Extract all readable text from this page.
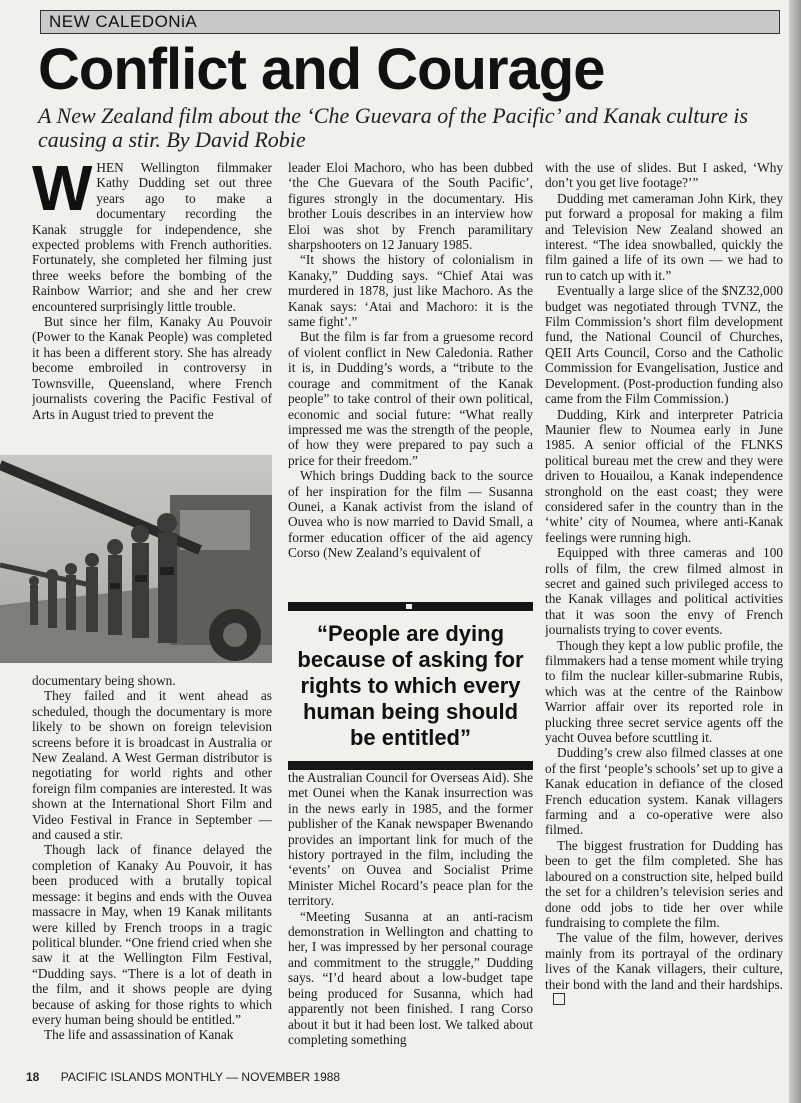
NEW CALEDONiA
Conflict and Courage

A New Zealand film about the ‘Che Guevara of the Pacific’ and Kanak culture is causing a stir. By David Robie

WHEN Wellington filmmaker Kathy Dudding set out three years ago to make a documentary recording the Kanak struggle for independence, she expected problems with French authorities. Fortunately, she completed her filming just three weeks before the bombing of the Rainbow Warrior; and she and her crew encountered surprisingly little trouble.

But since her film, Kanaky Au Pouvoir (Power to the Kanak People) was completed it has been a different story. She has already become embroiled in controversy in Townsville, Queensland, where French journalists covering the Pacific Festival of Arts in August tried to prevent the

documentary being shown.

They failed and it went ahead as scheduled, though the documentary is more likely to be shown on foreign television screens before it is broadcast in Australia or New Zealand. A West German distributor is negotiating for world rights and other foreign film companies are interested. It was shown at the International Short Film and Video Festival in France in September — and caused a stir.

Though lack of finance delayed the completion of Kanaky Au Pouvoir, it has been produced with a brutally topical message: it begins and ends with the Ouvea massacre in May, when 19 Kanak militants were killed by French troops in a tragic political blunder. “One friend cried when she saw it at the Wellington Film Festival, “Dudding says. “There is a lot of death in the film, and it shows people are dying because of asking for those rights to which every human being should be entitled.”

The life and assassination of Kanak

leader Eloi Machoro, who has been dubbed ‘the Che Guevara of the South Pacific’, figures strongly in the documentary. His brother Louis describes in an interview how Eloi was shot by French paramilitary sharpshooters on 12 January 1985.

“It shows the history of colonialism in Kanaky,” Dudding says. “Chief Atai was murdered in 1878, just like Machoro. As the Kanak says: ‘Atai and Machoro: it is the same fight’.”

But the film is far from a gruesome record of violent conflict in New Caledonia. Rather it is, in Dudding’s words, a “tribute to the courage and commitment of the Kanak people” to take control of their own political, economic and social future: “What really impressed me was the strength of the people, of how they were prepared to pay such a price for their freedom.”

Which brings Dudding back to the source of her inspiration for the film — Susanna Ounei, a Kanak activist from the island of Ouvea who is now married to David Small, a former education officer of the aid agency Corso (New Zealand’s equivalent of

“People are dying because of asking for rights to which every human being should be entitled”

the Australian Council for Overseas Aid). She met Ounei when the Kanak insurrection was in the news early in 1985, and the former publisher of the Kanak newspaper Bwenando provides an important link for much of the history portrayed in the film, including the ‘events’ on Ouvea and Socialist Prime Minister Michel Rocard’s peace plan for the territory.

“Meeting Susanna at an anti-racism demonstration in Wellington and chatting to her, I was impressed by her personal courage and commitment to the struggle,” Dudding says. “I’d heard about a low-budget tape being produced for Susanna, which had apparently not been finished. I rang Corso about it but it had been lost. We talked about completing something

with the use of slides. But I asked, ‘Why don’t you get live footage?’”

Dudding met cameraman John Kirk, they put forward a proposal for making a film and Television New Zealand showed an interest. “The idea snowballed, quickly the film gained a life of its own — we had to run to catch up with it.”

Eventually a large slice of the $NZ32,000 budget was negotiated through TVNZ, the Film Commission’s short film development fund, the National Council of Churches, QEII Arts Council, Corso and the Catholic Commission for Evangelisation, Justice and Development. (Post-production funding also came from the Film Commission.)

Dudding, Kirk and interpreter Patricia Maunier flew to Noumea early in June 1985. A senior official of the FLNKS political bureau met the crew and they were driven to Houailou, a Kanak independence stronghold on the east coast; they were considered safer in the country than in the ‘white’ city of Noumea, where anti-Kanak feelings were running high.

Equipped with three cameras and 100 rolls of film, the crew filmed almost in secret and gained such privileged access to the Kanak villages and political activities that it was soon the envy of French journalists trying to cover events.

Though they kept a low public profile, the filmmakers had a tense moment while trying to film the nuclear killer-submarine Rubis, which was at the centre of the Rainbow Warrior affair over its reported role in plucking three secret service agents off the yacht Ouvea before scuttling it.

Dudding’s crew also filmed classes at one of the first ‘people’s schools’ set up to give a Kanak education in defiance of the closed French education system. Kanak villagers farming and a co-operative were also filmed.

The biggest frustration for Dudding has been to get the film completed. She has laboured on a construction site, helped build the set for a children’s television series and done odd jobs to tide her over while fundraising to complete the film.

The value of the film, however, derives mainly from its portrayal of the ordinary lives of the Kanak villagers, their culture, their bond with the land and their hardships.

18 PACIFIC ISLANDS MONTHLY — NOVEMBER 1988
